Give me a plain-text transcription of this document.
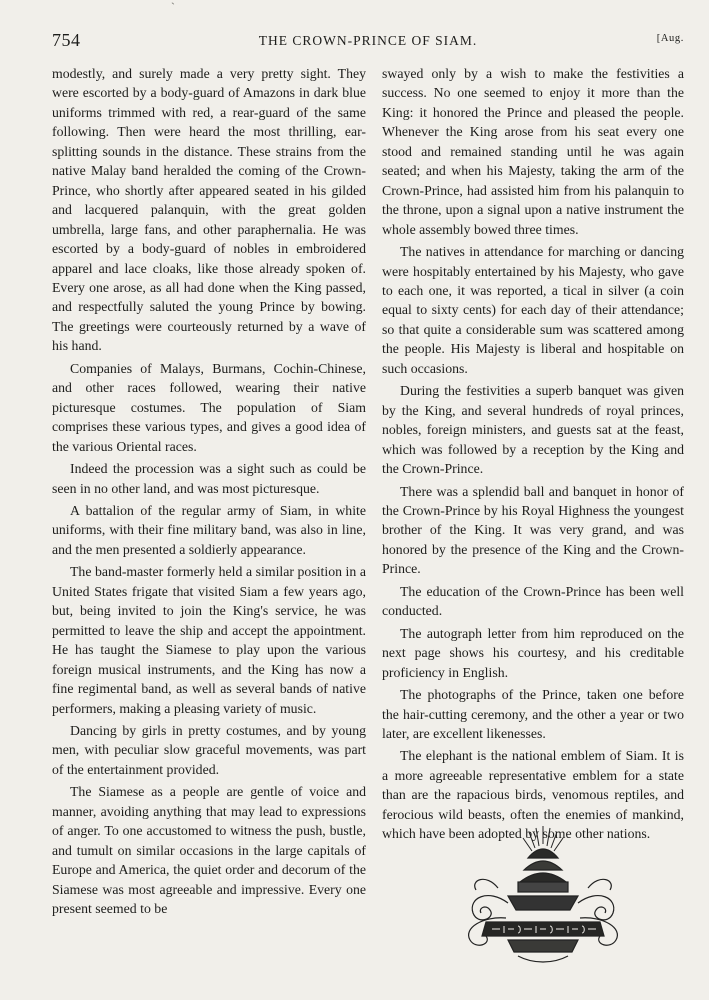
ˋ
754	THE CROWN-PRINCE OF SIAM.	[Aug.

modestly, and surely made a very pretty sight. They were escorted by a body-guard of Amazons in dark blue uniforms trimmed with red, a rear-guard of the same following. Then were heard the most thrilling, ear-splitting sounds in the distance. These strains from the native Malay band heralded the coming of the Crown-Prince, who shortly after appeared seated in his gilded and lacquered palanquin, with the great golden umbrella, large fans, and other paraphernalia. He was escorted by a body-guard of nobles in embroidered apparel and lace cloaks, like those already spoken of. Every one arose, as all had done when the King passed, and respectfully saluted the young Prince by bowing. The greetings were courteously returned by a wave of his hand.

Companies of Malays, Burmans, Cochin-Chinese, and other races followed, wearing their native picturesque costumes. The population of Siam comprises these various types, and gives a good idea of the various Oriental races.

Indeed the procession was a sight such as could be seen in no other land, and was most picturesque.

A battalion of the regular army of Siam, in white uniforms, with their fine military band, was also in line, and the men presented a soldierly appearance.

The band-master formerly held a similar position in a United States frigate that visited Siam a few years ago, but, being invited to join the King's service, he was permitted to leave the ship and accept the appointment. He has taught the Siamese to play upon the various foreign musical instruments, and the King has now a fine regimental band, as well as several bands of native performers, making a pleasing variety of music.

Dancing by girls in pretty costumes, and by young men, with peculiar slow graceful movements, was part of the entertainment provided.

The Siamese as a people are gentle of voice and manner, avoiding anything that may lead to expressions of anger. To one accustomed to witness the push, bustle, and tumult on similar occasions in the large capitals of Europe and America, the quiet order and decorum of the Siamese was most agreeable and impressive. Every one present seemed to be

swayed only by a wish to make the festivities a success. No one seemed to enjoy it more than the King: it honored the Prince and pleased the people. Whenever the King arose from his seat every one stood and remained standing until he was again seated; and when his Majesty, taking the arm of the Crown-Prince, had assisted him from his palanquin to the throne, upon a signal upon a native instrument the whole assembly bowed three times.

The natives in attendance for marching or dancing were hospitably entertained by his Majesty, who gave to each one, it was reported, a tical in silver (a coin equal to sixty cents) for each day of their attendance; so that quite a considerable sum was scattered among the people. His Majesty is liberal and hospitable on such occasions.

During the festivities a superb banquet was given by the King, and several hundreds of royal princes, nobles, foreign ministers, and guests sat at the feast, which was followed by a reception by the King and the Crown-Prince.

There was a splendid ball and banquet in honor of the Crown-Prince by his Royal Highness the youngest brother of the King. It was very grand, and was honored by the presence of the King and the Crown-Prince.

The education of the Crown-Prince has been well conducted.

The autograph letter from him reproduced on the next page shows his courtesy, and his creditable proficiency in English.

The photographs of the Prince, taken one before the hair-cutting ceremony, and the other a year or two later, are excellent likenesses.

The elephant is the national emblem of Siam. It is a more agreeable representative emblem for a state than are the rapacious birds, venomous reptiles, and ferocious wild beasts, often the enemies of mankind, which have been adopted by some other nations.
